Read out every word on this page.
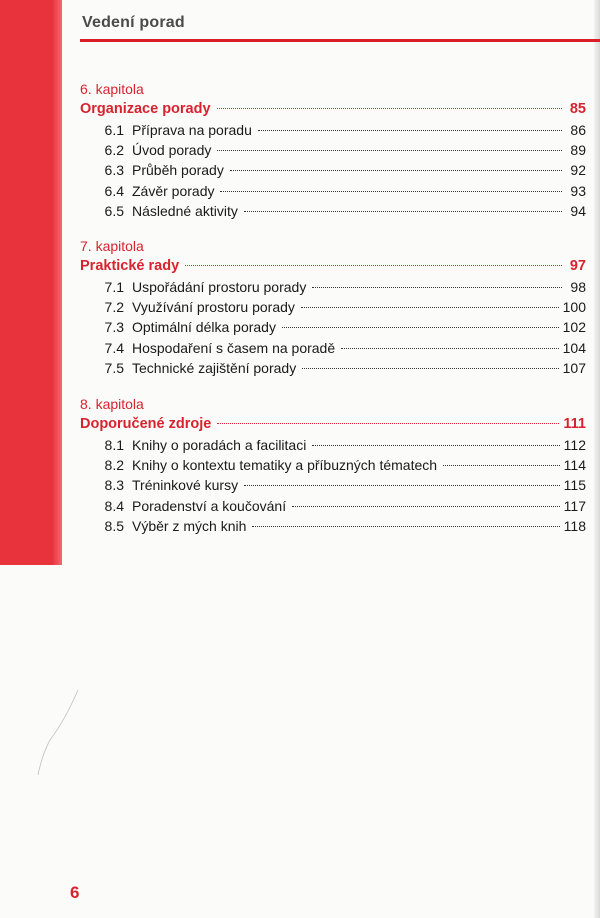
Vedení porad
6. kapitola
Organizace porady	85
6.1 Příprava na poradu	86
6.2 Úvod porady	89
6.3 Průběh porady	92
6.4 Závěr porady	93
6.5 Následné aktivity	94
7. kapitola
Praktické rady	97
7.1 Uspořádání prostoru porady	98
7.2 Využívání prostoru porady	100
7.3 Optimální délka porady	102
7.4 Hospodaření s časem na poradě	104
7.5 Technické zajištění porady	107
8. kapitola
Doporučené zdroje	111
8.1 Knihy o poradách a facilitaci	112
8.2 Knihy o kontextu tematiky a příbuzných tématech	114
8.3 Tréninkové kursy	115
8.4 Poradenství a koučování	117
8.5 Výběr z mých knih	118
6
